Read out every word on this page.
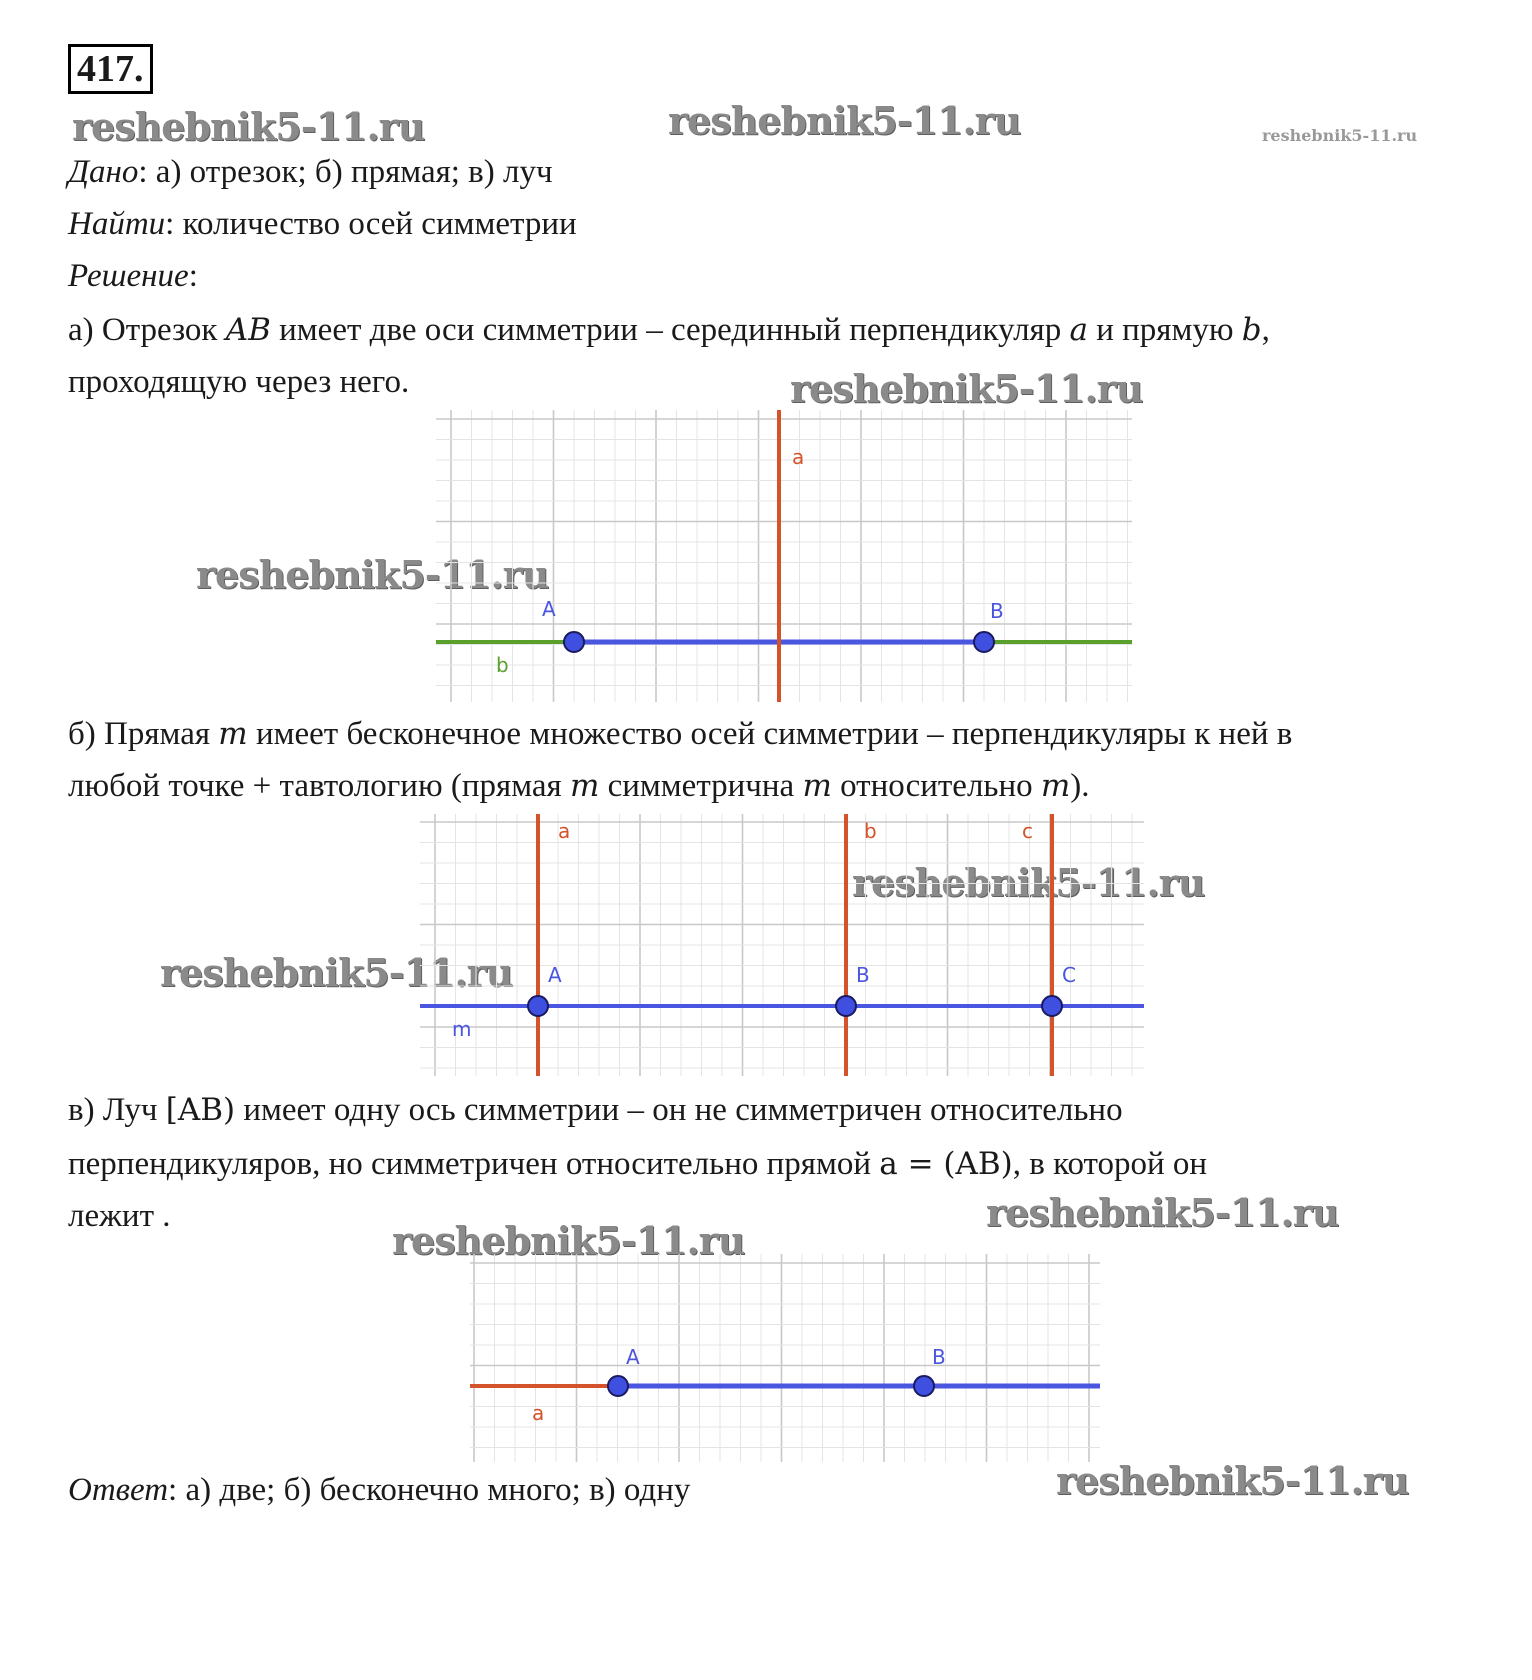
417.
reshebnik5-11.ru	reshebnik5-11.ru	reshebnik5-11.ru
reshebnik5-11.ru
reshebnik5-11.ru
reshebnik5-11.ru
reshebnik5-11.ru
reshebnik5-11.ru
reshebnik5-11.ru
reshebnik5-11.ru
Дано: а) отрезок; б) прямая; в) луч
Найти: количество осей симметрии
Решение:
а) Отрезок AB имеет две оси симметрии – серединный перпендикуляр a и прямую b,
проходящую через него.
a
b
A	B
б) Прямая m имеет бесконечное множество осей симметрии – перпендикуляры к ней в
любой точке + тавтологию (прямая m симметрична m относительно m).
a	b	c
m
A	B	C
в) Луч [AB) имеет одну ось симметрии – он не симметричен относительно
перпендикуляров, но симметричен относительно прямой a = (AB), в которой он
лежит .
a
A	B
Ответ: а) две; б) бесконечно много; в) одну
